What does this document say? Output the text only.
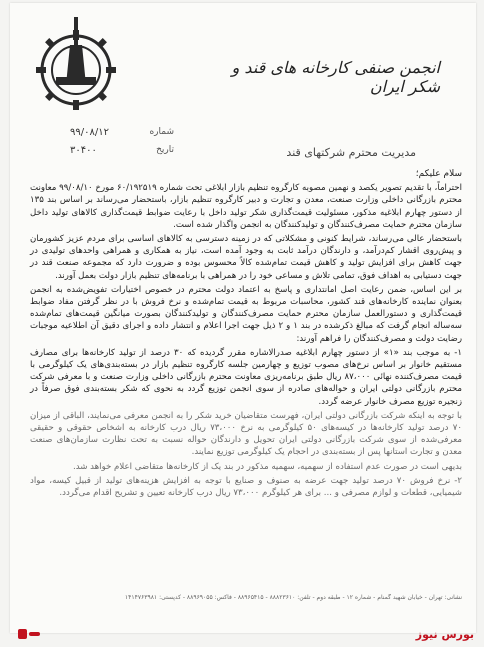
انجمن صنفی کارخانه های قند و شکر ایران
۹۹/۰۸/۱۲	شماره
۳۰۴۰۰	تاریخ	مدیریت محترم شرکتهای قند

سلام علیکم؛

احتراماً، با تقدیم تصویر یکصد و نهمین مصوبه کارگروه تنظیم بازار ابلاغی تحت شماره ۶۰/۱۹۲۵۱۹ مورخ ۹۹/۰۸/۱۰ معاونت محترم بازرگانی داخلی وزارت صنعت، معدن و تجارت و دبیر کارگروه تنظیم بازار، باستحضار می‌رساند بر اساس بند ۱۳۵ از دستور چهارم ابلاغیه مذکور، مسئولیت قیمت‌گذاری شکر تولید داخل با رعایت ضوابط قیمت‌گذاری کالاهای تولید داخل سازمان محترم حمایت مصرف‌کنندگان و تولیدکنندگان به انجمن واگذار شده است.

باستحضار عالی می‌رساند، شرایط کنونی و مشکلاتی که در زمینه دسترسی به کالاهای اساسی برای مردم عزیز کشورمان و پیش‌روی اقشار کم‌درآمد، و دارندگان درآمد ثابت به وجود آمده است، نیاز به همکاری و همراهی واحدهای تولیدی در جهت کاهش برای افزایش تولید و کاهش قیمت تمام‌شده کالاً محسوس بوده و ضرورت دارد که مجموعه صنعت قند در جهت دستیابی به اهداف فوق، تمامی تلاش و مساعی خود را در همراهی با برنامه‌های تنظیم بازار دولت بعمل آورند.

بر این اساس، ضمن رعایت اصل امانتداری و پاسخ به اعتماد دولت محترم در خصوص اختیارات تفویض‌شده به انجمن بعنوان نماینده کارخانه‌های قند کشور، محاسبات مربوط به قیمت تمام‌شده و نرخ فروش با در نظر گرفتن مفاد ضوابط قیمت‌گذاری و دستورالعمل سازمان محترم حمایت مصرف‌کنندگان و تولیدکنندگان بصورت میانگین قیمت‌های تمام‌شده سه‌ساله انجام گرفت که مبالغ ذکرشده در بند ۱ و ۲ ذیل جهت اجرا اعلام و انتشار داده و اجرای دقیق آن اطلاعیه موجبات رضایت دولت و مصرف‌کنندگان را فراهم آورند:

۱- به موجب بند «۱» از دستور چهارم ابلاغیه صدرالاشاره مقرر گردیده که ۳۰ درصد از تولید کارخانه‌ها برای مصارف مستقیم خانوار بر اساس نرخ‌های مصوب توزیع و چهارمین جلسه کارگروه تنظیم بازار در بسته‌بندی‌های یک کیلوگرمی با قیمت مصرف‌کننده نهائی ۸۷،۰۰۰ ریال طبق برنامه‌ریزی معاونت محترم بازرگانی داخلی وزارت صنعت و با معرفی شرکت محترم بازرگانی دولتی ایران و حواله‌های صادره از سوی انجمن توزیع گردد به نحوی که شکر بسته‌بندی فوق صرفاً در زنجیره توزیع مصرف خانوار عرضه گردد.

با توجه به اینکه شرکت بازرگانی دولتی ایران، فهرست متقاضیان خرید شکر را به انجمن معرفی می‌نمایند، الباقی از میزان ۷۰ درصد تولید کارخانه‌ها در کیسه‌های ۵۰ کیلوگرمی به نرخ ۷۳،۰۰۰ ریال درب کارخانه به اشخاص حقوقی و حقیقی معرفی‌شده از سوی شرکت بازرگانی دولتی ایران تحویل و دارندگان حواله نسبت به تحت نظارت سازمان‌های صنعت معدن و تجارت استانها پس از بسته‌بندی در احجام یک کیلوگرمی توزیع نمایند.

بدیهی است در صورت عدم استفاده از سهمیه، سهمیه مذکور در بند یک از کارخانه‌ها متقاضی اعلام خواهد شد.

۲- نرخ فروش ۷۰ درصد تولید جهت عرضه به صنوف و صنایع با توجه به افزایش هزینه‌های تولید از قبیل کیسه، مواد شیمیایی، قطعات و لوازم مصرفی و ... برای هر کیلوگرم ۷۳،۰۰۰ ریال درب کارخانه تعیین و تشریح اقدام می‌گردد.

نشانی: تهران - خیابان شهید گمنام - شماره ۱۲ - طبقه دوم - تلفن: ۸۸۸۲۳۶۱۰ - ۸۸۹۶۵۴۱۵ - فاکس: ۸۸۹۶۹۰۵۵ - کدپستی: ۱۴۱۴۷۶۳۹۸۱
بورس نیوز
